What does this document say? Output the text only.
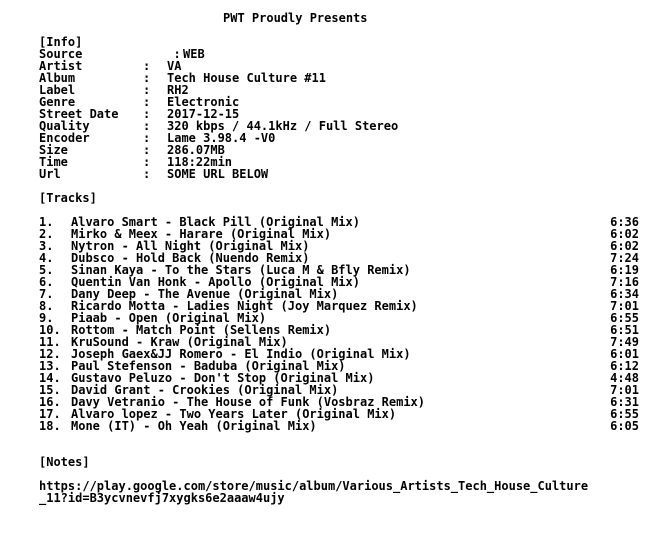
PWT Proudly Presents
[Info]
Source	: WEB
Artist	:	VA
Album	:	Tech House Culture #11
Label	:	RH2
Genre	:	Electronic
Street Date	:	2017-12-15
Quality	:	320 kbps / 44.1kHz / Full Stereo
Encoder	:	Lame 3.98.4 -V0
Size	:	286.07MB
Time	:	118:22min
Url	:	SOME URL BELOW
[Tracks]
1.	Alvaro Smart - Black Pill (Original Mix)	6:36
2.	Mirko & Meex - Harare (Original Mix)	6:02
3.	Nytron - All Night (Original Mix)	6:02
4.	Dubsco - Hold Back (Nuendo Remix)	7:24
5.	Sinan Kaya - To the Stars (Luca M & Bfly Remix)	6:19
6.	Quentin Van Honk - Apollo (Original Mix)	7:16
7.	Dany Deep - The Avenue (Original Mix)	6:34
8.	Ricardo Motta - Ladies Night (Joy Marquez Remix)	7:01
9.	Piaab - Open (Original Mix)	6:55
10. Rottom - Match Point (Sellens Remix)	6:51
11. KruSound - Kraw (Original Mix)	7:49
12. Joseph Gaex&JJ Romero - El Indio (Original Mix)	6:01
13. Paul Stefenson - Baduba (Original Mix)	6:12
14. Gustavo Peluzo - Don't Stop (Original Mix)	4:48
15. David Grant - Crookies (Original Mix)	7:01
16. Davy Vetranio - The House of Funk (Vosbraz Remix)	6:31
17. Alvaro lopez - Two Years Later (Original Mix)	6:55
18. Mone (IT) - Oh Yeah (Original Mix)	6:05
[Notes]
https://play.google.com/store/music/album/Various_Artists_Tech_House_Culture
_11?id=B3ycvnevfj7xygks6e2aaaw4ujy
